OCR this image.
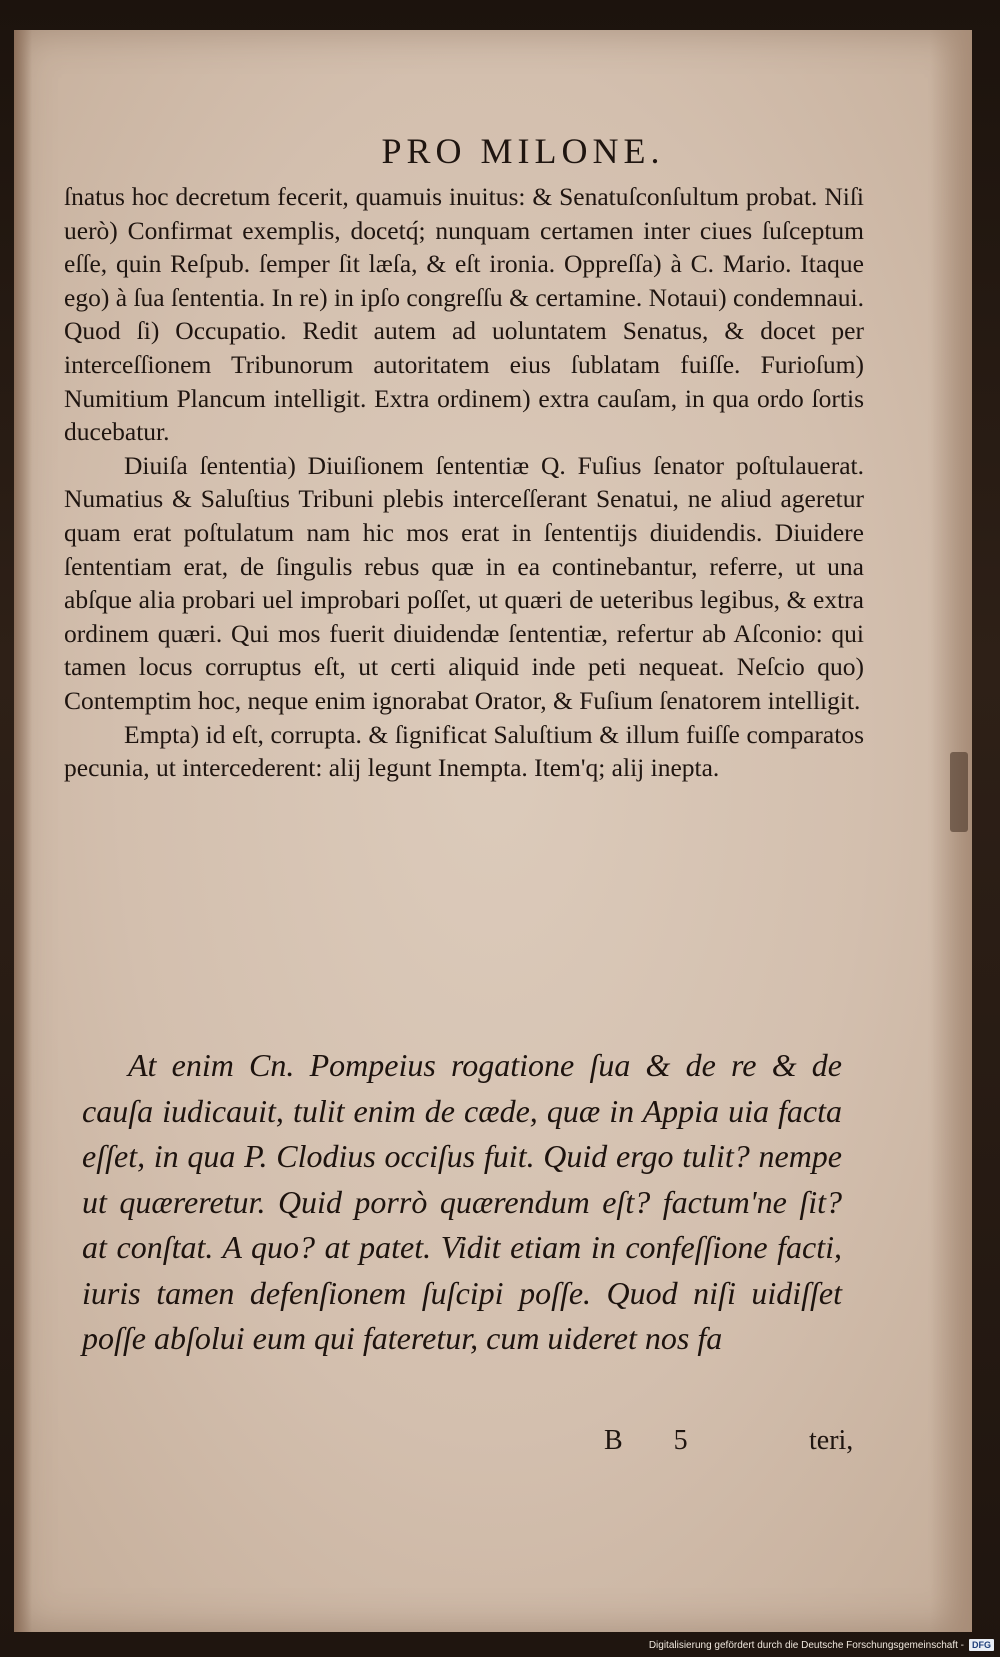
PRO MILONE.

ſnatus hoc decretum fecerit, quamuis inuitus: & Senatuſconſultum probat. Niſi uerò) Confirmat exemplis, docetq́; nunquam certamen inter ciues ſuſceptum eſſe, quin Reſpub. ſemper ſit læſa, & eſt ironia. Oppreſſa) à C. Mario. Itaque ego) à ſua ſententia. In re) in ipſo congreſſu & certamine. Notaui) condemnaui. Quod ſi) Occupatio. Redit autem ad uoluntatem Senatus, & docet per interceſſionem Tribunorum autoritatem eius ſublatam fuiſſe. Furioſum) Numitium Plancum intelligit. Extra ordinem) extra cauſam, in qua ordo ſortis ducebatur.

Diuiſa ſententia) Diuiſionem ſententiæ Q. Fuſius ſenator poſtulauerat. Numatius & Saluſtius Tribuni plebis interceſſerant Senatui, ne aliud ageretur quam erat poſtulatum nam hic mos erat in ſententijs diuidendis. Diuidere ſententiam erat, de ſingulis rebus quæ in ea continebantur, referre, ut una abſque alia probari uel improbari poſſet, ut quæri de ueteribus legibus, & extra ordinem quæri. Qui mos fuerit diuidendæ ſententiæ, refertur ab Aſconio: qui tamen locus corruptus eſt, ut certi aliquid inde peti nequeat. Neſcio quo) Contemptim hoc, neque enim ignorabat Orator, & Fuſium ſenatorem intelligit.

Empta) id eſt, corrupta. & ſignificat Saluſtium & illum fuiſſe comparatos pecunia, ut intercederent: alij legunt Inempta. Item'q; alij inepta.

At enim Cn. Pompeius rogatione ſua & de re & de cauſa iudicauit, tulit enim de cæde, quæ in Appia uia facta eſſet, in qua P. Clodius occiſus fuit. Quid ergo tulit? nempe ut quæreretur. Quid porrò quærendum eſt? factum'ne ſit? at conſtat. A quo? at patet. Vidit etiam in confeſſione facti, iuris tamen defenſionem ſuſcipi poſſe. Quod niſi uidiſſet poſſe abſolui eum qui fateretur, cum uideret nos fa

B 5	teri,
Digitalisierung gefördert durch die Deutsche Forschungsgemeinschaft - DFG
